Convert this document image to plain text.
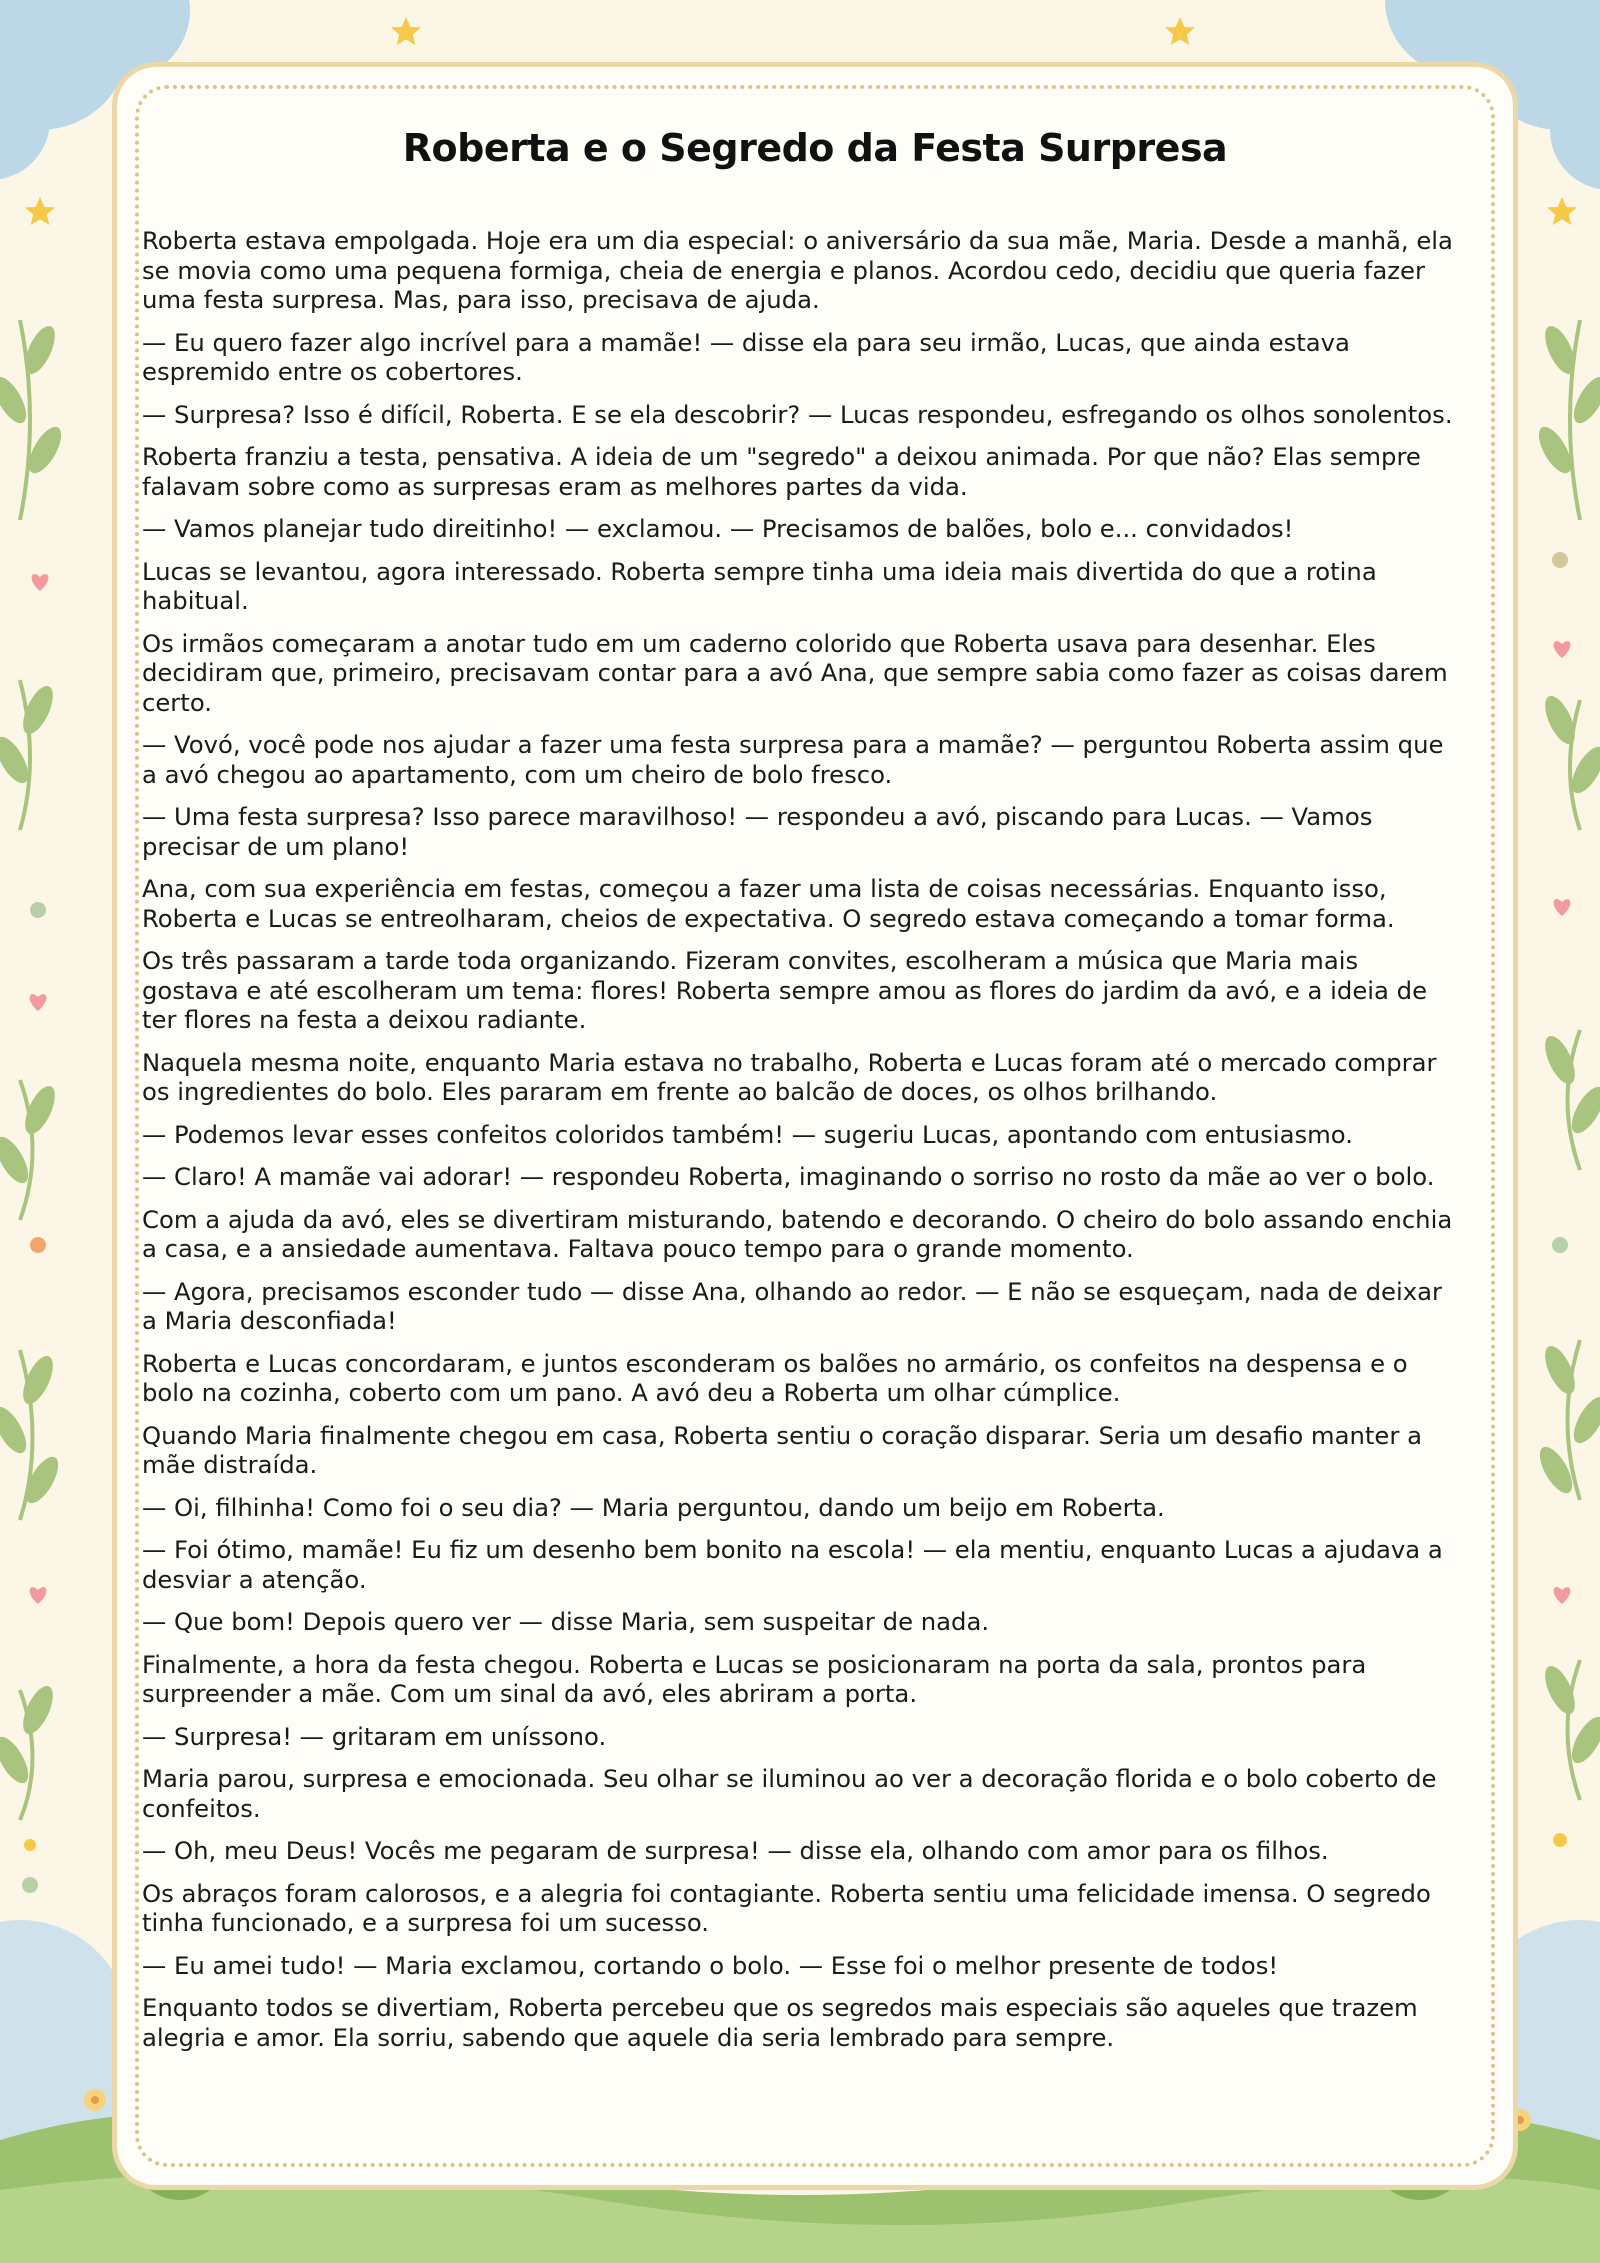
Roberta e o Segredo da Festa Surpresa

Roberta estava empolgada. Hoje era um dia especial: o aniversário da sua mãe, Maria. Desde a manhã, ela se movia como uma pequena formiga, cheia de energia e planos. Acordou cedo, decidiu que queria fazer uma festa surpresa. Mas, para isso, precisava de ajuda.

— Eu quero fazer algo incrível para a mamãe! — disse ela para seu irmão, Lucas, que ainda estava espremido entre os cobertores.

— Surpresa? Isso é difícil, Roberta. E se ela descobrir? — Lucas respondeu, esfregando os olhos sonolentos.

Roberta franziu a testa, pensativa. A ideia de um "segredo" a deixou animada. Por que não? Elas sempre falavam sobre como as surpresas eram as melhores partes da vida.

— Vamos planejar tudo direitinho! — exclamou. — Precisamos de balões, bolo e... convidados!

Lucas se levantou, agora interessado. Roberta sempre tinha uma ideia mais divertida do que a rotina habitual.

Os irmãos começaram a anotar tudo em um caderno colorido que Roberta usava para desenhar. Eles decidiram que, primeiro, precisavam contar para a avó Ana, que sempre sabia como fazer as coisas darem certo.

— Vovó, você pode nos ajudar a fazer uma festa surpresa para a mamãe? — perguntou Roberta assim que a avó chegou ao apartamento, com um cheiro de bolo fresco.

— Uma festa surpresa? Isso parece maravilhoso! — respondeu a avó, piscando para Lucas. — Vamos precisar de um plano!

Ana, com sua experiência em festas, começou a fazer uma lista de coisas necessárias. Enquanto isso, Roberta e Lucas se entreolharam, cheios de expectativa. O segredo estava começando a tomar forma.

Os três passaram a tarde toda organizando. Fizeram convites, escolheram a música que Maria mais gostava e até escolheram um tema: flores! Roberta sempre amou as flores do jardim da avó, e a ideia de ter flores na festa a deixou radiante.

Naquela mesma noite, enquanto Maria estava no trabalho, Roberta e Lucas foram até o mercado comprar os ingredientes do bolo. Eles pararam em frente ao balcão de doces, os olhos brilhando.

— Podemos levar esses confeitos coloridos também! — sugeriu Lucas, apontando com entusiasmo.

— Claro! A mamãe vai adorar! — respondeu Roberta, imaginando o sorriso no rosto da mãe ao ver o bolo.

Com a ajuda da avó, eles se divertiram misturando, batendo e decorando. O cheiro do bolo assando enchia a casa, e a ansiedade aumentava. Faltava pouco tempo para o grande momento.

— Agora, precisamos esconder tudo — disse Ana, olhando ao redor. — E não se esqueçam, nada de deixar a Maria desconfiada!

Roberta e Lucas concordaram, e juntos esconderam os balões no armário, os confeitos na despensa e o bolo na cozinha, coberto com um pano. A avó deu a Roberta um olhar cúmplice.

Quando Maria finalmente chegou em casa, Roberta sentiu o coração disparar. Seria um desafio manter a mãe distraída.

— Oi, filhinha! Como foi o seu dia? — Maria perguntou, dando um beijo em Roberta.

— Foi ótimo, mamãe! Eu fiz um desenho bem bonito na escola! — ela mentiu, enquanto Lucas a ajudava a desviar a atenção.

— Que bom! Depois quero ver — disse Maria, sem suspeitar de nada.

Finalmente, a hora da festa chegou. Roberta e Lucas se posicionaram na porta da sala, prontos para surpreender a mãe. Com um sinal da avó, eles abriram a porta.

— Surpresa! — gritaram em uníssono.

Maria parou, surpresa e emocionada. Seu olhar se iluminou ao ver a decoração florida e o bolo coberto de confeitos.

— Oh, meu Deus! Vocês me pegaram de surpresa! — disse ela, olhando com amor para os filhos.

Os abraços foram calorosos, e a alegria foi contagiante. Roberta sentiu uma felicidade imensa. O segredo tinha funcionado, e a surpresa foi um sucesso.

— Eu amei tudo! — Maria exclamou, cortando o bolo. — Esse foi o melhor presente de todos!

Enquanto todos se divertiam, Roberta percebeu que os segredos mais especiais são aqueles que trazem alegria e amor. Ela sorriu, sabendo que aquele dia seria lembrado para sempre.
